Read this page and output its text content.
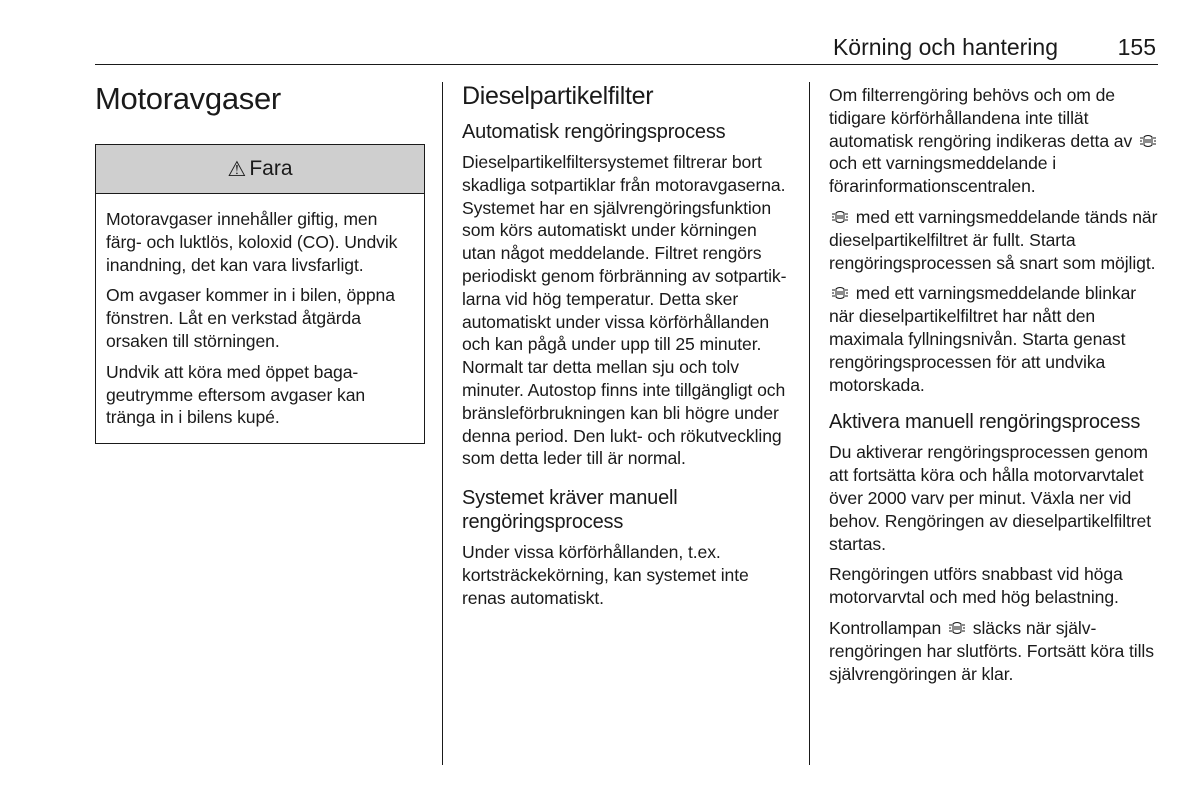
Körning och hantering	155
Motoravgaser
⚠ Fara

Motoravgaser innehåller giftig, men färg- och luktlös, koloxid (CO). Undvik inandning, det kan vara livsfarligt.

Om avgaser kommer in i bilen, öppna fönstren. Låt en verkstad åtgärda orsaken till störningen.

Undvik att köra med öppet bagageutrymme eftersom avgaser kan tränga in i bilens kupé.

Dieselpartikelfilter
Automatisk rengöringsprocess

Dieselpartikelfiltersystemet filtrerar bort skadliga sotpartiklar från motoravgaserna. Systemet har en självrengöringsfunktion som körs automatiskt under körningen utan något meddelande. Filtret rengörs periodiskt genom förbränning av sotpartiklarna vid hög temperatur. Detta sker automatiskt under vissa körförhållanden och kan pågå under upp till 25 minuter. Normalt tar detta mellan sju och tolv minuter. Autostop finns inte tillgängligt och bränsleförbrukningen kan bli högre under denna period. Den lukt- och rökutveckling som detta leder till är normal.

Systemet kräver manuell rengöringsprocess

Under vissa körförhållanden, t.ex. kortsträckekörning, kan systemet inte renas automatiskt.

Om filterrengöring behövs och om de tidigare körförhållandena inte tillät automatisk rengöring indikeras detta av  och ett varningsmeddelande i förarinformationscentralen.

med ett varningsmeddelande tänds när dieselpartikelfiltret är fullt. Starta rengöringsprocessen så snart som möjligt.

med ett varningsmeddelande blinkar när dieselpartikelfiltret har nått den maximala fyllningsnivån. Starta genast rengöringsprocessen för att undvika motorskada.

Aktivera manuell rengöringsprocess

Du aktiverar rengöringsprocessen genom att fortsätta köra och hålla motorvarvtalet över 2000 varv per minut. Växla ner vid behov. Rengöringen av dieselpartikelfiltret startas.

Rengöringen utförs snabbast vid höga motorvarvtal och med hög belastning.

Kontrollampan släcks när självrengöringen har slutförts. Fortsätt köra tills självrengöringen är klar.
